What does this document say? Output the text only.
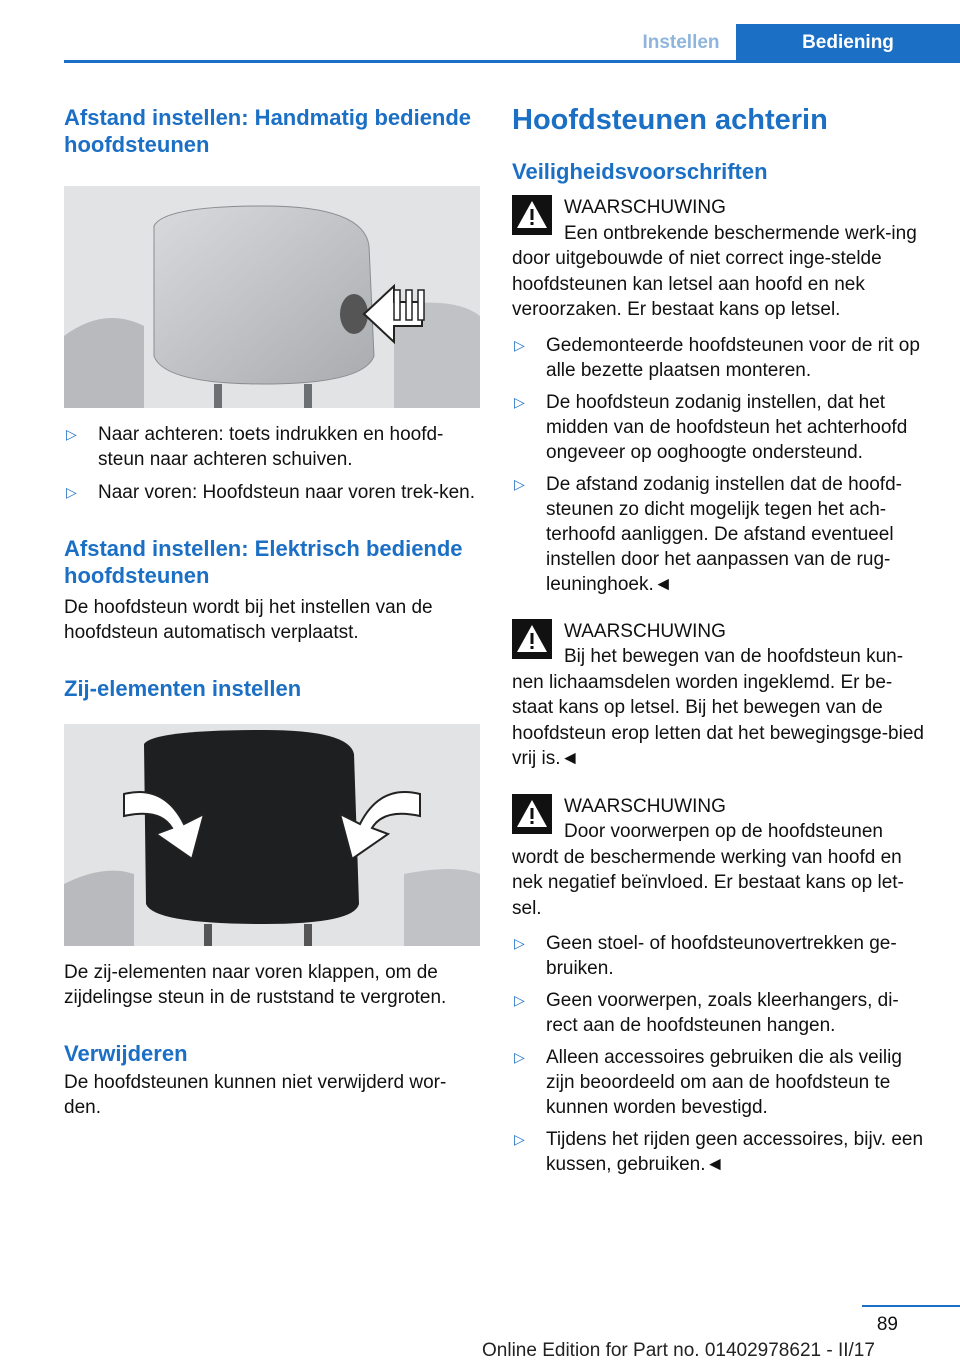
Instellen	Bediening
Afstand instellen: Handmatig bediende hoofdsteunen
▷ Naar achteren: toets indrukken en hoofd-steun naar achteren schuiven.
▷ Naar voren: Hoofdsteun naar voren trek-ken.
Afstand instellen: Elektrisch bediende hoofdsteunen

De hoofdsteun wordt bij het instellen van de hoofdsteun automatisch verplaatst.

Zij-elementen instellen

De zij-elementen naar voren klappen, om de zijdelingse steun in de ruststand te vergroten.

Verwijderen

De hoofdsteunen kunnen niet verwijderd wor-den.

Hoofdsteunen achterin
Veiligheidsvoorschriften

WAARSCHUWING

Een ontbrekende beschermende werk-ing door uitgebouwde of niet correct inge-stelde hoofdsteunen kan letsel aan hoofd en nek veroorzaken. Er bestaat kans op letsel.

▷ Gedemonteerde hoofdsteunen voor de rit op alle bezette plaatsen monteren.
▷ De hoofdsteun zodanig instellen, dat het midden van de hoofdsteun het achterhoofd ongeveer op ooghoogte ondersteund.
▷ De afstand zodanig instellen dat de hoofd-steunen zo dicht mogelijk tegen het ach-terhoofd aanliggen. De afstand eventueel instellen door het aanpassen van de rug-leuninghoek.◄

WAARSCHUWING

Bij het bewegen van de hoofdsteun kun-nen lichaamsdelen worden ingeklemd. Er be-staat kans op letsel. Bij het bewegen van de hoofdsteun erop letten dat het bewegingsge-bied vrij is.◄

WAARSCHUWING

Door voorwerpen op de hoofdsteunen wordt de beschermende werking van hoofd en nek negatief beïnvloed. Er bestaat kans op let-sel.

▷ Geen stoel- of hoofdsteunovertrekken ge-bruiken.
▷ Geen voorwerpen, zoals kleerhangers, di-rect aan de hoofdsteunen hangen.
▷ Alleen accessoires gebruiken die als veilig zijn beoordeeld om aan de hoofdsteun te kunnen worden bevestigd.
▷ Tijdens het rijden geen accessoires, bijv. een kussen, gebruiken.◄
89
Online Edition for Part no. 01402978621 - II/17
